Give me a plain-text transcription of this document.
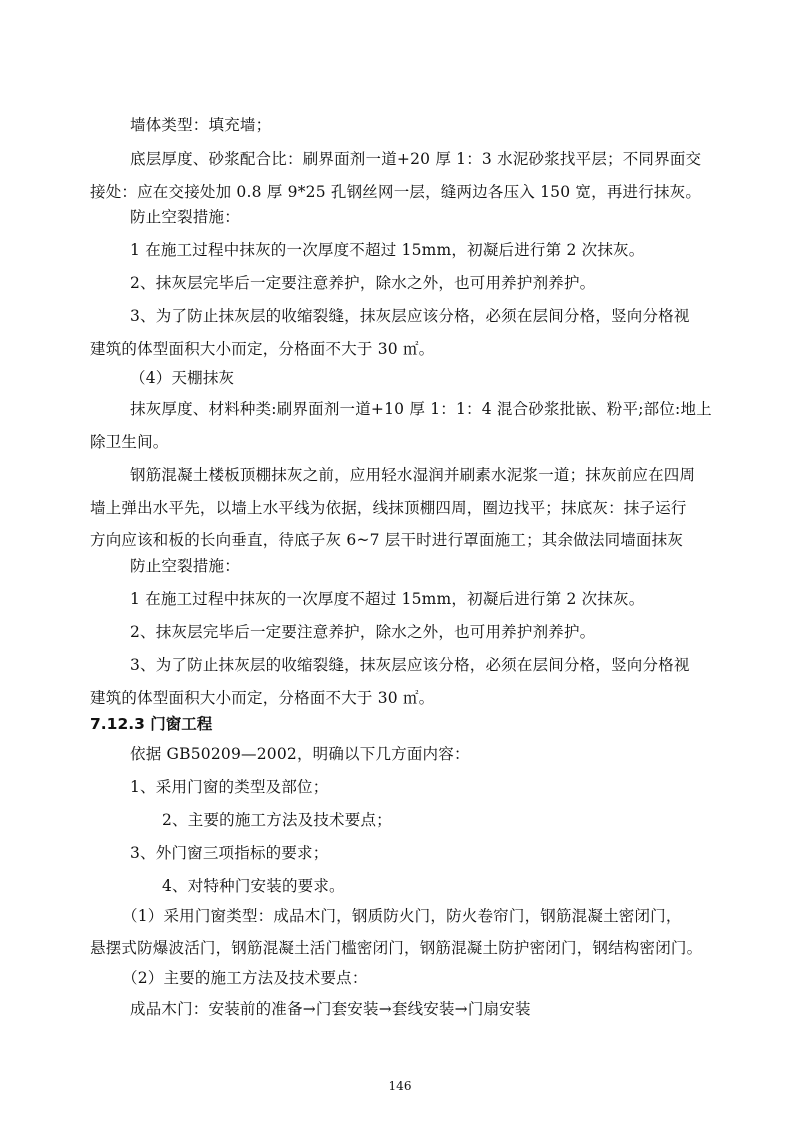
墙体类型：填充墙；
底层厚度、砂浆配合比：刷界面剂一道+20 厚 1：3 水泥砂浆找平层；不同界面交
接处：应在交接处加 0.8 厚 9*25 孔钢丝网一层，缝两边各压入 150 宽，再进行抹灰。
防止空裂措施：
1 在施工过程中抹灰的一次厚度不超过 15mm，初凝后进行第 2 次抹灰。
2、抹灰层完毕后一定要注意养护，除水之外，也可用养护剂养护。
3、为了防止抹灰层的收缩裂缝，抹灰层应该分格，必须在层间分格，竖向分格视
建筑的体型面积大小而定，分格面不大于 30 ㎡。
（4）天棚抹灰
抹灰厚度、材料种类:刷界面剂一道+10 厚 1：1：4 混合砂浆批嵌、粉平;部位:地上
除卫生间。
钢筋混凝土楼板顶棚抹灰之前，应用轻水湿润并刷素水泥浆一道；抹灰前应在四周
墙上弹出水平先，以墙上水平线为依据，线抹顶棚四周，圈边找平；抹底灰：抹子运行
方向应该和板的长向垂直，待底子灰 6~7 层干时进行罩面施工；其余做法同墙面抹灰
防止空裂措施：
1 在施工过程中抹灰的一次厚度不超过 15mm，初凝后进行第 2 次抹灰。
2、抹灰层完毕后一定要注意养护，除水之外，也可用养护剂养护。
3、为了防止抹灰层的收缩裂缝，抹灰层应该分格，必须在层间分格，竖向分格视
建筑的体型面积大小而定，分格面不大于 30 ㎡。
7.12.3 门窗工程
依据 GB50209—2002，明确以下几方面内容：
1、采用门窗的类型及部位；
2、主要的施工方法及技术要点；
3、外门窗三项指标的要求；
4、对特种门安装的要求。
（1）采用门窗类型：成品木门，钢质防火门，防火卷帘门，钢筋混凝土密闭门，
悬摆式防爆波活门，钢筋混凝土活门槛密闭门，钢筋混凝土防护密闭门，钢结构密闭门。
（2）主要的施工方法及技术要点：
成品木门：安装前的准备→门套安装→套线安装→门扇安装
146
